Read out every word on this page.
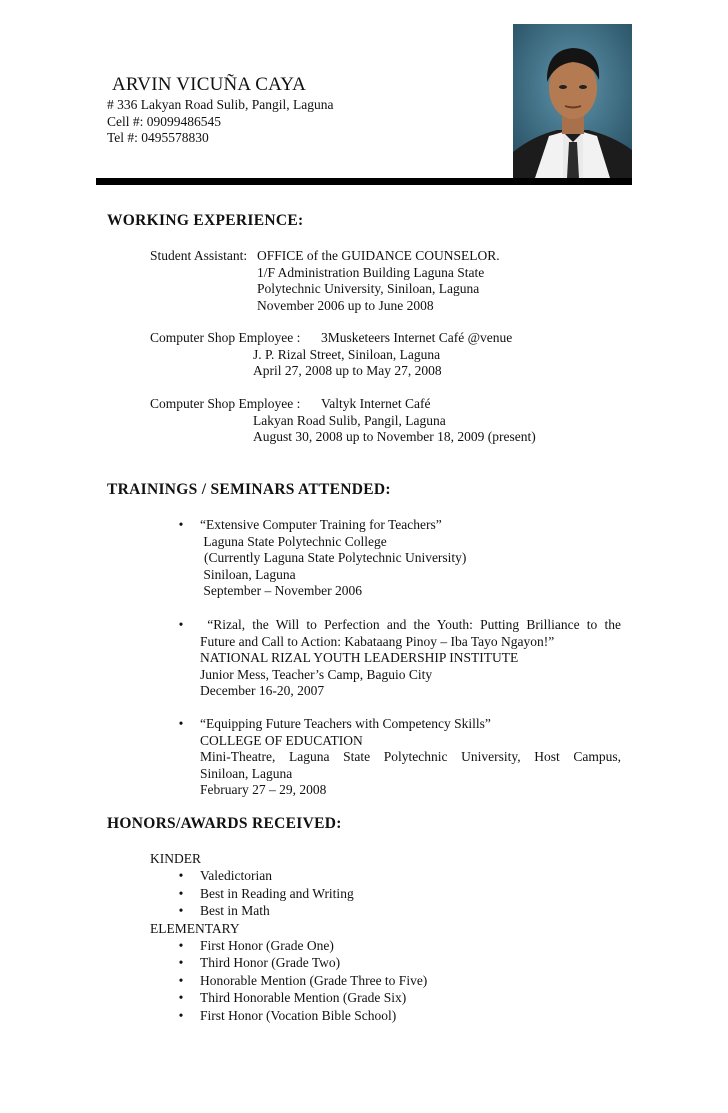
ARVIN VICUÑA CAYA
# 336 Lakyan Road Sulib, Pangil, Laguna
Cell #: 09099486545
Tel #: 0495578830
WORKING EXPERIENCE:
Student Assistant: OFFICE of the GUIDANCE COUNSELOR.
1/F Administration Building Laguna State
Polytechnic University, Siniloan, Laguna
November 2006 up to June 2008
Computer Shop Employee : 3Musketeers Internet Café @venue
J. P. Rizal Street, Siniloan, Laguna
April 27, 2008 up to May 27, 2008
Computer Shop Employee : Valtyk Internet Café
Lakyan Road Sulib, Pangil, Laguna
August 30, 2008 up to November 18, 2009 (present)
TRAININGS / SEMINARS ATTENDED:
• “Extensive Computer Training for Teachers”
Laguna State Polytechnic College
(Currently Laguna State Polytechnic University)
Siniloan, Laguna
September – November 2006
• “Rizal, the Will to Perfection and the Youth: Putting Brilliance to the
Future and Call to Action: Kabataang Pinoy – Iba Tayo Ngayon!”
NATIONAL RIZAL YOUTH LEADERSHIP INSTITUTE
Junior Mess, Teacher’s Camp, Baguio City
December 16-20, 2007
• “Equipping Future Teachers with Competency Skills”
COLLEGE OF EDUCATION
Mini-Theatre, Laguna State Polytechnic University, Host Campus,
Siniloan, Laguna
February 27 – 29, 2008
HONORS/AWARDS RECEIVED:
KINDER
• Valedictorian
• Best in Reading and Writing
• Best in Math
ELEMENTARY
• First Honor (Grade One)
• Third Honor (Grade Two)
• Honorable Mention (Grade Three to Five)
• Third Honorable Mention (Grade Six)
• First Honor (Vocation Bible School)
